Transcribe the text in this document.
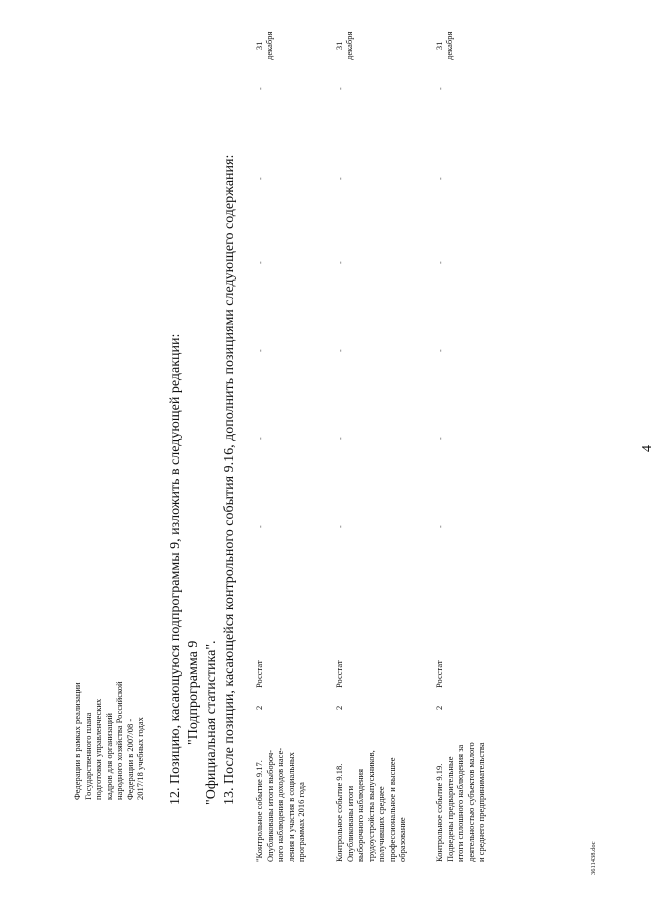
4
Федерации в рамках реализации Государственного плана подготовки управленческих кадров для организаций народного хозяйства Российской Федерации в 2007/08 - 2017/18 учебных годах 12. Позицию, касающуюся подпрограммы 9, изложить в следующей редакции: "Подпрограмма 9 "Официальная статистика". 13. После позиции, касающейся контрольного события 9.16, дополнить позициями следующего содержания:
"Контрольное событие 9.17. Опубликованы итоги выбороч- ного наблюдения доходов насе- ления и участия в социальных программах 2016 года
2
Росстат
-
-
-
-
-
-
31 декабря
Контрольное событие 9.18. Опубликованы итоги выборочного наблюдения трудоустройства выпускников, получивших среднее профессиональное и высшее образование
2
Росстат
-
-
-
-
-
-
31 декабря
Контрольное событие 9.19. Подведены предварительные итоги сплошного наблюдения за деятельностью субъектов малого и среднего предпринимательства
2
Росстат
-
-
-
-
-
-
31 декабря
3611438.doc
